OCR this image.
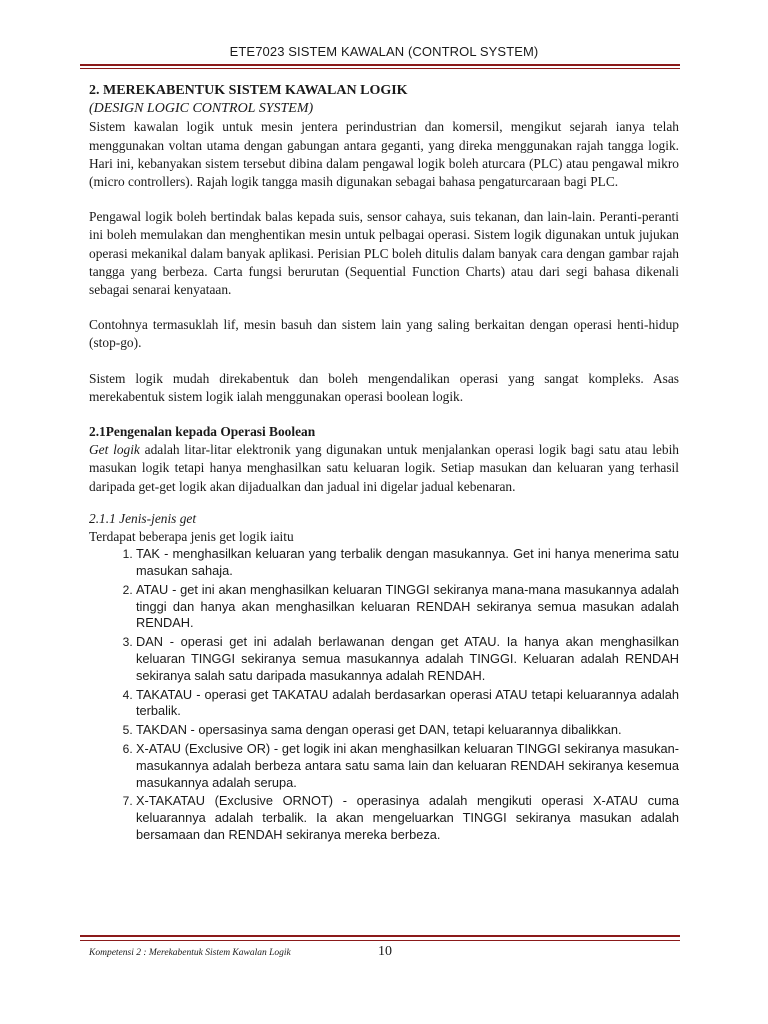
ETE7023 SISTEM KAWALAN (CONTROL SYSTEM)

2. MEREKABENTUK SISTEM KAWALAN LOGIK

(DESIGN LOGIC CONTROL SYSTEM)

Sistem kawalan logik untuk mesin jentera perindustrian dan komersil, mengikut sejarah ianya telah menggunakan voltan utama dengan gabungan antara geganti, yang direka menggunakan rajah tangga logik. Hari ini, kebanyakan sistem tersebut dibina dalam pengawal logik boleh aturcara (PLC) atau pengawal mikro (micro controllers). Rajah logik tangga masih digunakan sebagai bahasa pengaturcaraan bagi PLC.

Pengawal logik boleh bertindak balas kepada suis, sensor cahaya, suis tekanan, dan lain-lain. Peranti-peranti ini boleh memulakan dan menghentikan mesin untuk pelbagai operasi. Sistem logik digunakan untuk jujukan operasi mekanikal dalam banyak aplikasi. Perisian PLC boleh ditulis dalam banyak cara dengan gambar rajah tangga yang berbeza. Carta fungsi berurutan (Sequential Function Charts) atau dari segi bahasa dikenali sebagai senarai kenyataan.

Contohnya termasuklah lif, mesin basuh dan sistem lain yang saling berkaitan dengan operasi henti-hidup (stop-go).

Sistem logik mudah direkabentuk dan boleh mengendalikan operasi yang sangat kompleks. Asas merekabentuk sistem logik ialah menggunakan operasi boolean logik.

2.1Pengenalan kepada Operasi Boolean

Get logik adalah litar-litar elektronik yang digunakan untuk menjalankan operasi logik bagi satu atau lebih masukan logik tetapi hanya menghasilkan satu keluaran logik. Setiap masukan dan keluaran yang terhasil daripada get-get logik akan dijadualkan dan jadual ini digelar jadual kebenaran.

2.1.1 Jenis-jenis get

Terdapat beberapa jenis get logik iaitu

1. TAK - menghasilkan keluaran yang terbalik dengan masukannya. Get ini hanya menerima satu masukan sahaja.
2. ATAU - get ini akan menghasilkan keluaran TINGGI sekiranya mana-mana masukannya adalah tinggi dan hanya akan menghasilkan keluaran RENDAH sekiranya semua masukan adalah RENDAH.
3. DAN - operasi get ini adalah berlawanan dengan get ATAU. Ia hanya akan menghasilkan keluaran TINGGI sekiranya semua masukannya adalah TINGGI. Keluaran adalah RENDAH sekiranya salah satu daripada masukannya adalah RENDAH.
4. TAKATAU - operasi get TAKATAU adalah berdasarkan operasi ATAU tetapi keluarannya adalah terbalik.
5. TAKDAN - opersasinya sama dengan operasi get DAN, tetapi keluarannya dibalikkan.
6. X-ATAU (Exclusive OR) - get logik ini akan menghasilkan keluaran TINGGI sekiranya masukan-masukannya adalah berbeza antara satu sama lain dan keluaran RENDAH sekiranya kesemua masukannya adalah serupa.
7. X-TAKATAU (Exclusive ORNOT) - operasinya adalah mengikuti operasi X-ATAU cuma keluarannya adalah terbalik. Ia akan mengeluarkan TINGGI sekiranya masukan adalah bersamaan dan RENDAH sekiranya mereka berbeza.
Kompetensi 2 : Merekabentuk Sistem Kawalan Logik	10
